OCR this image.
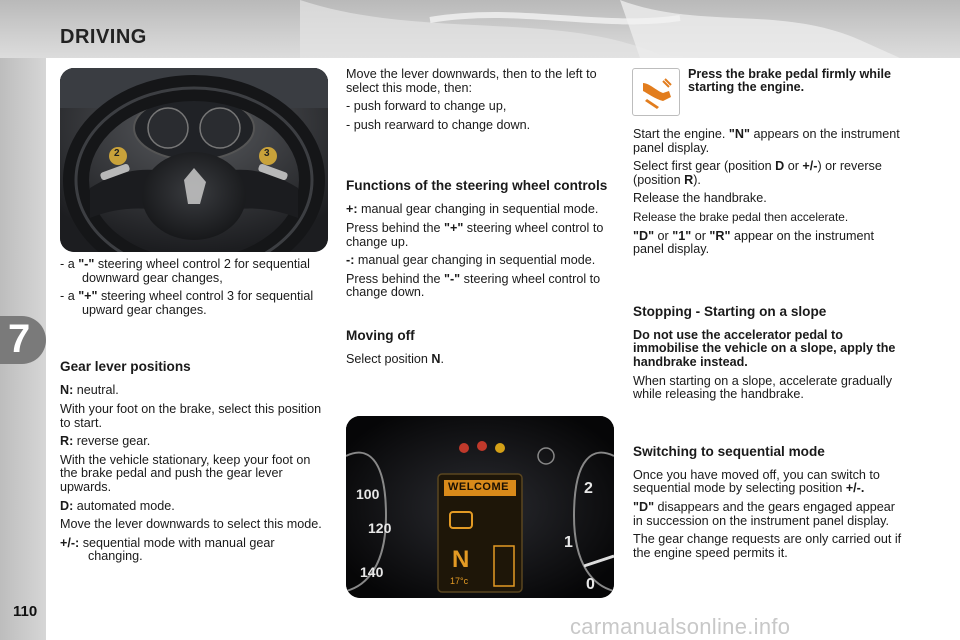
DRIVING
7
110
2	3

- a "-" steering wheel control 2 for sequential downward gear changes,

- a "+" steering wheel control 3 for sequential upward gear changes.

Gear lever positions

N: neutral.

With your foot on the brake, select this position to start.

R: reverse gear.

With the vehicle stationary, keep your foot on the brake pedal and push the gear lever upwards.

D: automated mode.

Move the lever downwards to select this mode.

+/-: sequential mode with manual gear changing.

Move the lever downwards, then to the left to select this mode, then:

- push forward to change up,

- push rearward to change down.

Functions of the steering wheel controls

+: manual gear changing in sequential mode.

Press behind the "+" steering wheel control to change up.

-: manual gear changing in sequential mode.

Press behind the "-" steering wheel control to change down.

Moving off

Select position N.

WELCOME
N
17°c
100
120
140
2
1
0

Press the brake pedal firmly while starting the engine.

Start the engine. "N" appears on the instrument panel display.

Select first gear (position D or +/-) or reverse (position R).

Release the handbrake.

Release the brake pedal then accelerate.

"D" or "1" or "R" appear on the instrument panel display.

Stopping - Starting on a slope

Do not use the accelerator pedal to immobilise the vehicle on a slope, apply the handbrake instead.

When starting on a slope, accelerate gradually while releasing the handbrake.

Switching to sequential mode

Once you have moved off, you can switch to sequential mode by selecting position +/-.

"D" disappears and the gears engaged appear in succession on the instrument panel display.

The gear change requests are only carried out if the engine speed permits it.

carmanualsonline.info
